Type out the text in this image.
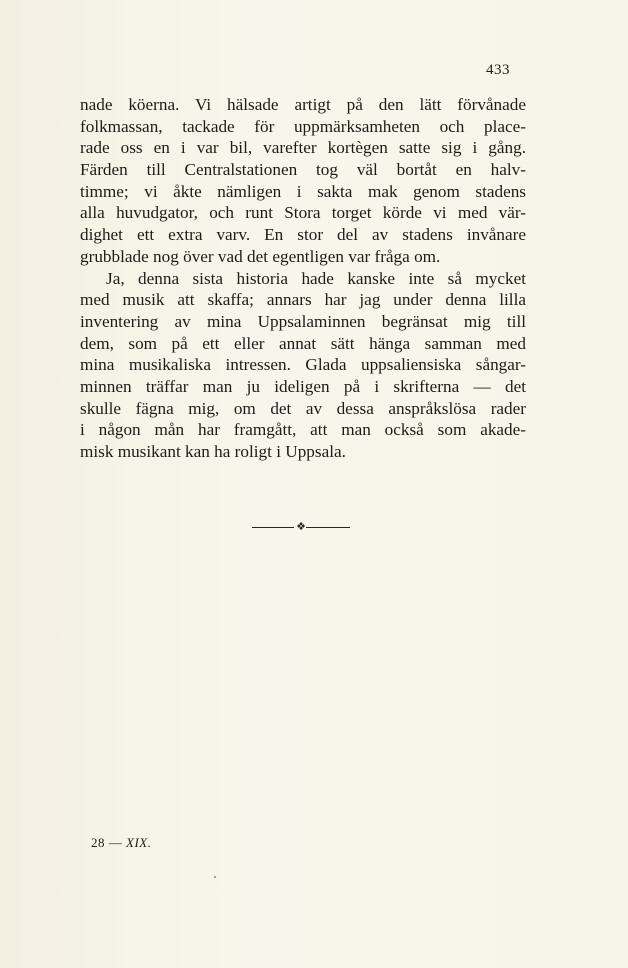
433
nade köerna. Vi hälsade artigt på den lätt förvånade
folkmassan, tackade för uppmärksamheten och place-
rade oss en i var bil, varefter kortègen satte sig i gång.
Färden till Centralstationen tog väl bortåt en halv-
timme; vi åkte nämligen i sakta mak genom stadens
alla huvudgator, och runt Stora torget körde vi med vär-
dighet ett extra varv. En stor del av stadens invånare
grubblade nog över vad det egentligen var fråga om.
Ja, denna sista historia hade kanske inte så mycket
med musik att skaffa; annars har jag under denna lilla
inventering av mina Uppsalaminnen begränsat mig till
dem, som på ett eller annat sätt hänga samman med
mina musikaliska intressen. Glada uppsaliensiska sångar-
minnen träffar man ju ideligen på i skrifterna — det
skulle fägna mig, om det av dessa anspråkslösa rader
i någon mån har framgått, att man också som akade-
misk musikant kan ha roligt i Uppsala.
❖
28 — XIX.
